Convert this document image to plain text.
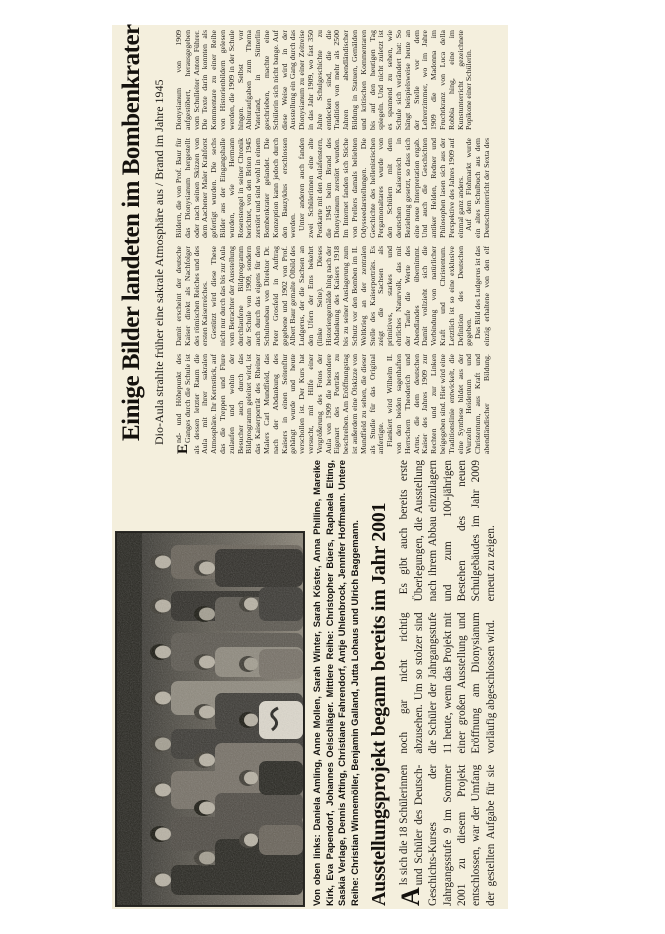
Von oben links: Daniela Amling, Anne Mollen, Sarah Winter, Sarah Köster, Anna Philline, Mareike Kirk, Eva Papendorf, Johannes Oelschläger. Mittlere Reihe: Christopher Büers, Raphaela Elting, Saskia Verlage, Dennis Afting, Christiane Fahrendorf, Antje Uhlenbrock, Jennifer Hoffmann. Untere Reihe: Christian Winnemöller, Benjamin Galland, Jutta Lohaus und Ulrich Baggemann. Ausstellungsprojekt begann bereits im Jahr 2001 A
ls sich die 18 Schülerinnen und Schüler des Deutsch-Geschichts-Kurses der Jahrgangsstufe 9 im Sommer 2001 zu diesem Projekt entschlossen, war der Umfang der gestellten Aufgabe für sie noch gar nicht richtig abzusehen. Um so stolzer sind die Schüler der Jahrgangsstufe 11 heute, wenn das Projekt mit einer großen Ausstellung und Eröffnung am Dionysianum vorläufig abgeschlossen wird.

Es gibt auch bereits erste Überlegungen, die Ausstellung nach ihrem Abbau einzulagern und zum 100-jährigen Bestehen des neuen Schulgebäudes im Jahr 2009 erneut zu zeigen.

Einige Bilder landeten im Bombenkrater Dio-Aula strahlte früher eine sakrale Atmosphäre aus / Brand im Jahre 1945

E
nd- und Höhepunkt des Ganges durch die Schule ist als dessen letzter Raum die Aula mit ihrer sakralen Atmosphäre. Ihr Kernstück, auf das die Treppen und Flure zulaufen und wohin der Besucher auch durch das Bildprogramm geleitet wird, ist das Kaiserporträt des Rheiner Malers Carl Mundfield, das nach der Abdankung des Kaisers in einen Seitenflur gehängt wurde und heute verschollen ist. Der Kurs hat versucht, mit Hilfe einer Vergrößerung des Fotos der Aula von 1909 die besondere Eigenart des Porträts zu beschreiben. Am Eröffnungstag ist außerdem eine Ölskizze von Mundfield zu sehen, die dieser als Studie für das Original anfertigte. Flankiert wird Wilhelm II. von den beiden sagenhaften Herrschern Theoderich und Artus, die dem deutschen Kaiser des Jahres 1909 zur Rechten und zur Linken beigegeben sind. Hier wird eine Traditionslinie entwickelt, die eine Synthese bildet aus der Wurzeln Heidentum und Christentum, aus Kraft und abendländischer Bildung. Damit erscheint der deutsche Kaiser direkt als Nachfolger des römischen Reiches und des ersten Kaiserreiches. Gestützt wird diese These nicht nur durch das bis zur Aula vom Betrachter der Ausstellung durchlaufene Bildprogramm der Schule von 1909, sondern auch durch das eigens für den Schulneubau von Direktor Dr. Peter Grosfeld in Auftrag gegebene und 1902 von Prof. Albert Baur gemalte Ölbild des Ludgerus, der die Sachsen an den Ufern der Ems bekehrt (linke Seite). Dieses Historiengemälde hing nach der Abdankung des Kaisers 1918 bis zu seiner Auslagerung zum Schutz vor den Bomben im II. Weltkrieg an der zentralen Stelle des Kaiserporträts. Es zeigt die Sachsen als primitives, starkes und ehrliches Naturvolk, das mit der Taufe die Werte des Abendlandes übernimmt. Damit vollzieht sich die Verbindung von natürlicher Kraft und Christentum. Letztlich ist so eine exklusive Definition des Deutschen gegeben. Das Bild des Ludgerus ist das einzig erhaltene von den elf Bildern, die von Prof. Baur für das Dionysianum hergestellt oder nach seinen Skizzen von dem Aachener Maler Krahforst gefertigt wurden. Die sechs Bilder aus der Eingangshalle wurden, wie Hermann Rosenstengel in seiner Chronik berichtet, von den Briten 1945 zerstört und sind wohl in einem Bombenkrater gelandet. Die Konzeption kann jedoch durch den Bauzyklus erschlossen werden. Unter anderen auch fanden zwei Schülerinnen eine alte Postkarte mit den Aulafenstern, die 1945 beim Brand des Dionysianum zerstört wurden. Im Internet fanden sich Stiche von Prellers damals beliebten Odysseedarstellungen. Die Geschichte des hellenistischen Pergamonaltares wurde von den Schülern mit dem deutschen Kaiserreich in Beziehung gesetzt, so dass sich eine neue Interpretation ergab. Und auch die Geschichten antiker Helden, Redner und Philosophen lasen sich aus der Perspektive des Jahres 1909 auf einmal ganz anders. Auf dem Flohmarkt wurde ein altes Schulbuch aus dem Deutschunterricht der Sexta des Dionysianum von 1909 aufgestöbert, herausgegeben vom Schulleiter Anton Führer. Die Texte darin konnten als Kommentare zu einer Reihe von Historienbildern gelesen werden, die 1909 in der Schule hingen. Selbst vor Abituraufgaben zum Thema Vaterland, in Sütterlin geschrieben, machte eine Schülerin sich nicht bange. Auf diese Weise wird in der Ausstellung ein Gang durch das Dionysianum zu einer Zeitreise in das Jahr 1909, wo fast 350 Jahre Schulgeschichte zu entdecken sind, die die Tradition von mehr als 2500 Jahren abendländischer Bildung in Statuen, Gemälden und kritischen Kommentaren bis auf den heutigen Tag spiegeln. Und nicht zuletzt ist es spannend zu sehen, wie Schule sich verändert hat: So hängt beispielsweise heute an der Stelle vor dem Lehrerzimmer, wo im Jahre 1909 die Madonna im Fruchtkranz von Luca della Robbia hing, eine im Kunstunterricht gezeichnete Popikone einer Schülerin.
